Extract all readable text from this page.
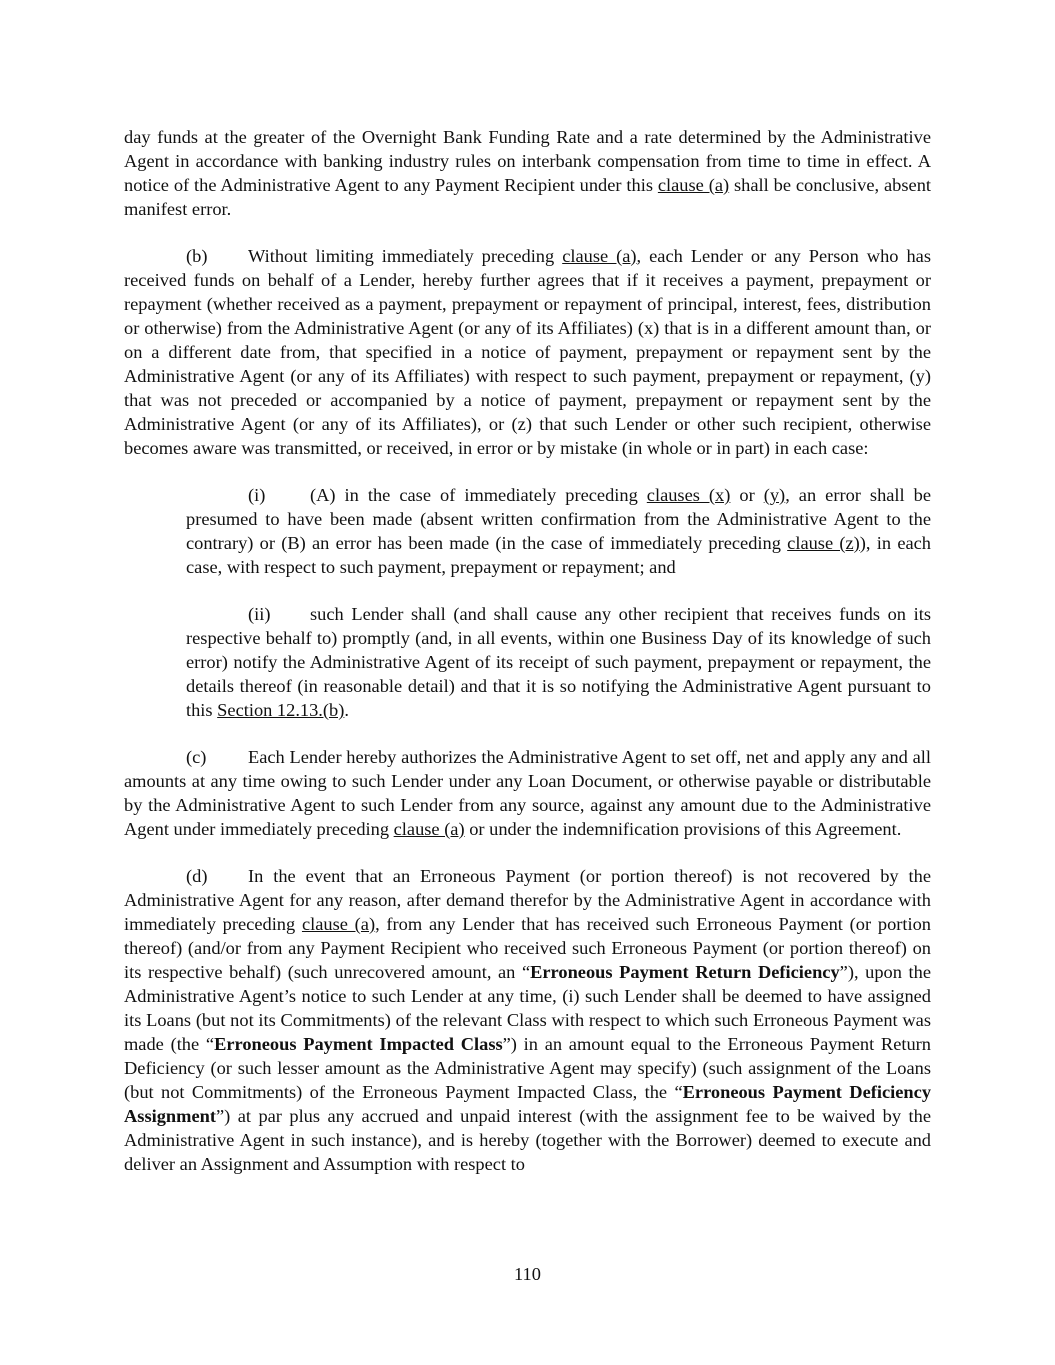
day funds at the greater of the Overnight Bank Funding Rate and a rate determined by the Administrative Agent in accordance with banking industry rules on interbank compensation from time to time in effect. A notice of the Administrative Agent to any Payment Recipient under this clause (a) shall be conclusive, absent manifest error.

(b) Without limiting immediately preceding clause (a), each Lender or any Person who has received funds on behalf of a Lender, hereby further agrees that if it receives a payment, prepayment or repayment (whether received as a payment, prepayment or repayment of principal, interest, fees, distribution or otherwise) from the Administrative Agent (or any of its Affiliates) (x) that is in a different amount than, or on a different date from, that specified in a notice of payment, prepayment or repayment sent by the Administrative Agent (or any of its Affiliates) with respect to such payment, prepayment or repayment, (y) that was not preceded or accompanied by a notice of payment, prepayment or repayment sent by the Administrative Agent (or any of its Affiliates), or (z) that such Lender or other such recipient, otherwise becomes aware was transmitted, or received, in error or by mistake (in whole or in part) in each case:

(i) (A) in the case of immediately preceding clauses (x) or (y), an error shall be presumed to have been made (absent written confirmation from the Administrative Agent to the contrary) or (B) an error has been made (in the case of immediately preceding clause (z)), in each case, with respect to such payment, prepayment or repayment; and

(ii) such Lender shall (and shall cause any other recipient that receives funds on its respective behalf to) promptly (and, in all events, within one Business Day of its knowledge of such error) notify the Administrative Agent of its receipt of such payment, prepayment or repayment, the details thereof (in reasonable detail) and that it is so notifying the Administrative Agent pursuant to this Section 12.13.(b).

(c) Each Lender hereby authorizes the Administrative Agent to set off, net and apply any and all amounts at any time owing to such Lender under any Loan Document, or otherwise payable or distributable by the Administrative Agent to such Lender from any source, against any amount due to the Administrative Agent under immediately preceding clause (a) or under the indemnification provisions of this Agreement.

(d) In the event that an Erroneous Payment (or portion thereof) is not recovered by the Administrative Agent for any reason, after demand therefor by the Administrative Agent in accordance with immediately preceding clause (a), from any Lender that has received such Erroneous Payment (or portion thereof) (and/or from any Payment Recipient who received such Erroneous Payment (or portion thereof) on its respective behalf) (such unrecovered amount, an “Erroneous Payment Return Deficiency”), upon the Administrative Agent’s notice to such Lender at any time, (i) such Lender shall be deemed to have assigned its Loans (but not its Commitments) of the relevant Class with respect to which such Erroneous Payment was made (the “Erroneous Payment Impacted Class”) in an amount equal to the Erroneous Payment Return Deficiency (or such lesser amount as the Administrative Agent may specify) (such assignment of the Loans (but not Commitments) of the Erroneous Payment Impacted Class, the “Erroneous Payment Deficiency Assignment”) at par plus any accrued and unpaid interest (with the assignment fee to be waived by the Administrative Agent in such instance), and is hereby (together with the Borrower) deemed to execute and deliver an Assignment and Assumption with respect to

110
